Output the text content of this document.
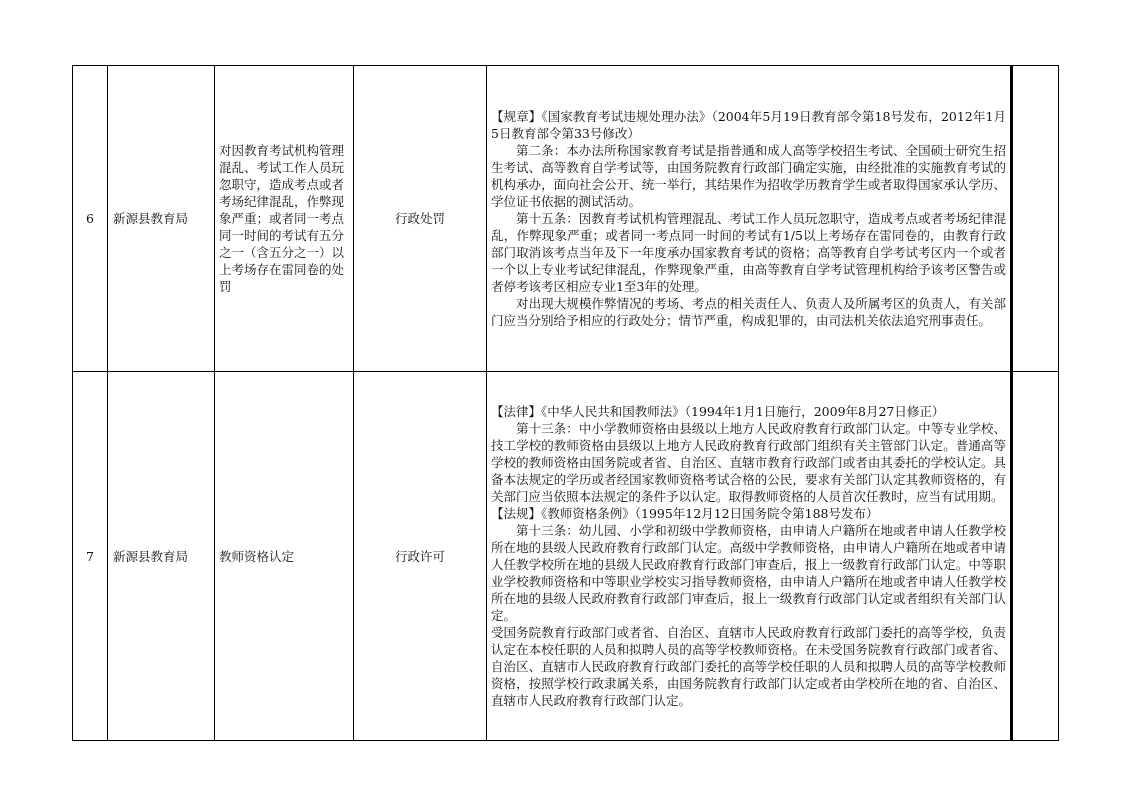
6	新源县教育局	对因教育考试机构管理混乱、考试工作人员玩忽职守，造成考点或者考场纪律混乱，作弊现象严重；或者同一考点同一时间的考试有五分之一（含五分之一）以上考场存在雷同卷的处罚	行政处罚	【规章】《国家教育考试违规处理办法》（2004年5月19日教育部令第18号发布，2012年1月5日教育部令第33号修改）

第二条：本办法所称国家教育考试是指普通和成人高等学校招生考试、全国硕士研究生招生考试、高等教育自学考试等，由国务院教育行政部门确定实施，由经批准的实施教育考试的机构承办，面向社会公开、统一举行，其结果作为招收学历教育学生或者取得国家承认学历、学位证书依据的测试活动。

第十五条：因教育考试机构管理混乱、考试工作人员玩忽职守，造成考点或者考场纪律混乱，作弊现象严重；或者同一考点同一时间的考试有1/5以上考场存在雷同卷的，由教育行政部门取消该考点当年及下一年度承办国家教育考试的资格；高等教育自学考试考区内一个或者一个以上专业考试纪律混乱，作弊现象严重，由高等教育自学考试管理机构给予该考区警告或者停考该考区相应专业1至3年的处理。

对出现大规模作弊情况的考场、考点的相关责任人、负责人及所属考区的负责人，有关部门应当分别给予相应的行政处分；情节严重，构成犯罪的，由司法机关依法追究刑事责任。	

7	新源县教育局	教师资格认定	行政许可	【法律】《中华人民共和国教师法》（1994年1月1日施行，2009年8月27日修正）

第十三条：中小学教师资格由县级以上地方人民政府教育行政部门认定。中等专业学校、技工学校的教师资格由县级以上地方人民政府教育行政部门组织有关主管部门认定。普通高等学校的教师资格由国务院或者省、自治区、直辖市教育行政部门或者由其委托的学校认定。具备本法规定的学历或者经国家教师资格考试合格的公民，要求有关部门认定其教师资格的，有关部门应当依照本法规定的条件予以认定。取得教师资格的人员首次任教时，应当有试用期。

【法规】《教师资格条例》（1995年12月12日国务院令第188号发布）

第十三条：幼儿园、小学和初级中学教师资格，由申请人户籍所在地或者申请人任教学校所在地的县级人民政府教育行政部门认定。高级中学教师资格，由申请人户籍所在地或者申请人任教学校所在地的县级人民政府教育行政部门审查后，报上一级教育行政部门认定。中等职业学校教师资格和中等职业学校实习指导教师资格，由申请人户籍所在地或者申请人任教学校所在地的县级人民政府教育行政部门审查后，报上一级教育行政部门认定或者组织有关部门认定。

受国务院教育行政部门或者省、自治区、直辖市人民政府教育行政部门委托的高等学校，负责认定在本校任职的人员和拟聘人员的高等学校教师资格。在未受国务院教育行政部门或者省、自治区、直辖市人民政府教育行政部门委托的高等学校任职的人员和拟聘人员的高等学校教师资格，按照学校行政隶属关系，由国务院教育行政部门认定或者由学校所在地的省、自治区、直辖市人民政府教育行政部门认定。	
